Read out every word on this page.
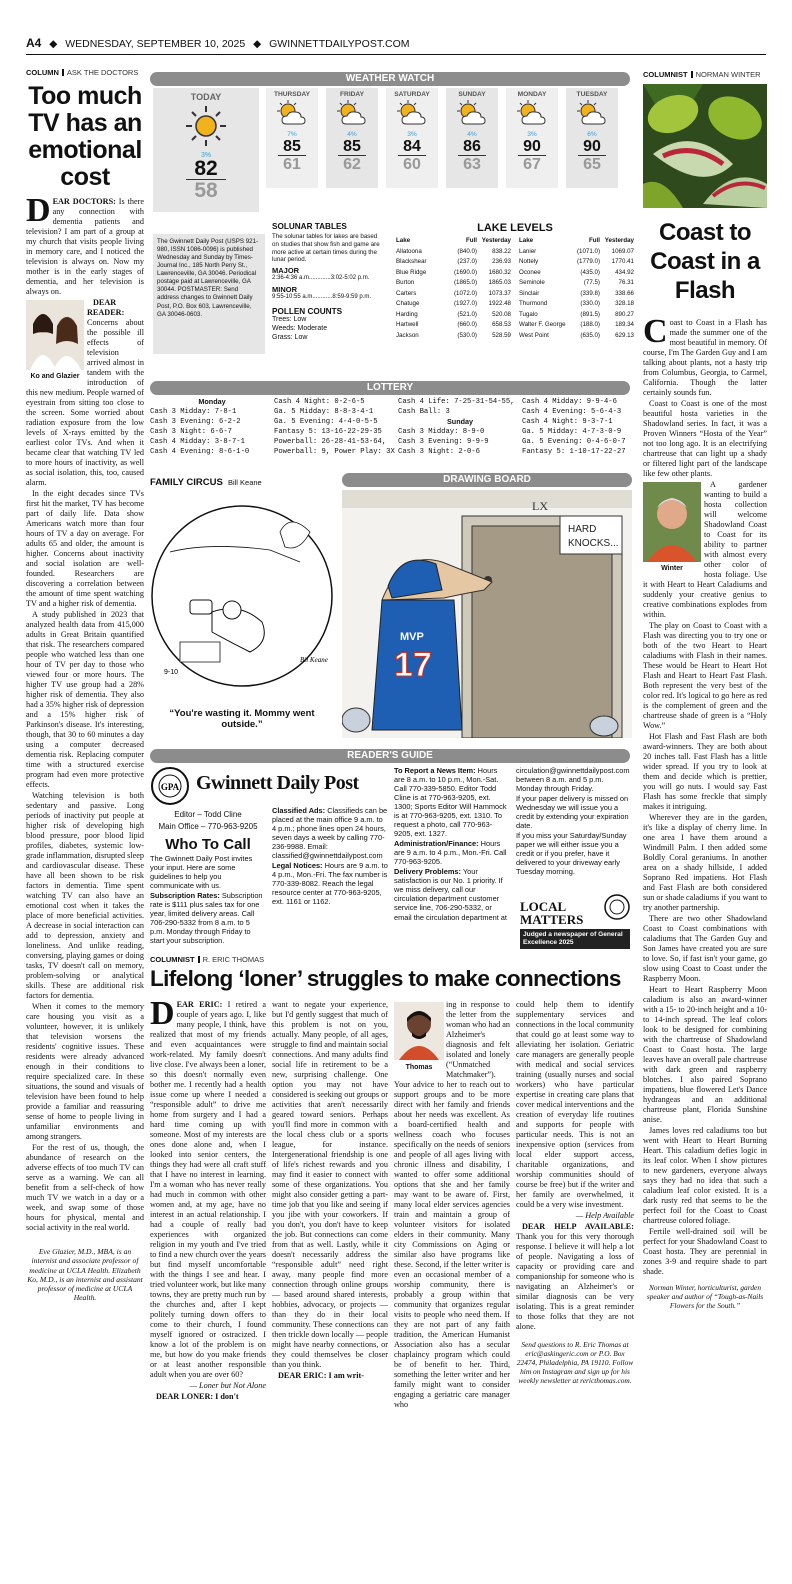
A4 ◆ WEDNESDAY, SEPTEMBER 10, 2025 ◆ GWINNETTDAILYPOST.COM
COLUMN ASK THE DOCTORS
Too much TV has an emotional cost

DEAR DOCTORS: Is there any connection with dementia patients and television? I am part of a group at my church that visits people living in memory care, and I noticed the television is always on. Now my mother is in the early stages of dementia, and her television is always on.

Ko and Glazier

DEAR READER: Concerns about the possible ill effects of television arrived almost in tandem with the introduction of this new medium. People warned of eyestrain from sitting too close to the screen. Some worried about radiation exposure from the low levels of X-rays emitted by the earliest color TVs. And when it became clear that watching TV led to more hours of inactivity, as well as social isolation, this, too, caused alarm.

In the eight decades since TVs first hit the market, TV has become part of daily life. Data show Americans watch more than four hours of TV a day on average. For adults 65 and older, the amount is higher. Concerns about inactivity and social isolation are well-founded. Researchers are discovering a correlation between the amount of time spent watching TV and a higher risk of dementia.

A study published in 2023 that analyzed health data from 415,000 adults in Great Britain quantified that risk. The researchers compared people who watched less than one hour of TV per day to those who viewed four or more hours. The higher TV use group had a 28% higher risk of dementia. They also had a 35% higher risk of depression and a 15% higher risk of Parkinson's disease. It's interesting, though, that 30 to 60 minutes a day using a computer decreased dementia risk. Replacing computer time with a structured exercise program had even more protective effects.

Watching television is both sedentary and passive. Long periods of inactivity put people at higher risk of developing high blood pressure, poor blood lipid profiles, diabetes, systemic low-grade inflammation, disrupted sleep and cardiovascular disease. These have all been shown to be risk factors in dementia. Time spent watching TV can also have an emotional cost when it takes the place of more beneficial activities. A decrease in social interaction can add to depression, anxiety and loneliness. And unlike reading, conversing, playing games or doing tasks, TV doesn't call on memory, problem-solving or analytical skills. These are additional risk factors for dementia.

When it comes to the memory care housing you visit as a volunteer, however, it is unlikely that television worsens the residents' cognitive issues. These residents were already advanced enough in their conditions to require specialized care. In these situations, the sound and visuals of television have been found to help provide a familiar and reassuring sense of home to people living in unfamiliar environments and among strangers.

For the rest of us, though, the abundance of research on the adverse effects of too much TV can serve as a warning. We can all benefit from a self-check of how much TV we watch in a day or a week, and swap some of those hours for physical, mental and social activity in the real world.

Eve Glazier, M.D., MBA, is an internist and associate professor of medicine at UCLA Health. Elizabeth Ko, M.D., is an internist and assistant professor of medicine at UCLA Health.

WEATHER WATCH
TODAY
3%
82
58
THURSDAY
7%
85
61
FRIDAY
4%
85
62
SATURDAY
3%
84
60
SUNDAY
4%
86
63
MONDAY
3%
90
67
TUESDAY
6%
90
65
The Gwinnett Daily Post (USPS 921-980, ISSN 1086-0096) is published Wednesday and Sunday by Times-Journal Inc., 185 North Perry St., Lawrenceville, GA 30046. Periodical postage paid at Lawrenceville, GA 30044. POSTMASTER: Send address changes to Gwinnett Daily Post, P.O. Box 603, Lawrenceville, GA 30046-0603.
SOLUNAR TABLES
The solunar tables for lakes are based on studies that show fish and game are more active at certain times during the lunar period.
MAJOR
2:36-4:36 a.m.............3:02-5:02 p.m.
MINOR
9:55-10:55 a.m............8:59-9:59 p.m.
POLLEN COUNTS
Trees: Low
Weeds: Moderate
Grass: Low
LAKE LEVELS
Lake	Full Yesterday
Allatoona	(840.0)	838.22
Blackshear	(237.0)	236.93
Blue Ridge	(1690.0)	1680.32
Burton	(1865.0)	1865.03
Carters	(1072.0)	1073.37
Chatuge	(1927.0)	1922.48
Harding	(521.0)	520.08
Hartwell	(660.0)	658.53
Jackson	(530.0)	528.59
Lake	Full Yesterday
Lanier	(1071.0)	1069.07
Nottely	(1779.0)	1770.41
Oconee	(435.0)	434.92
Seminole	(77.5)	76.31
Sinclair	(339.8)	338.66
Thurmond	(330.0)	328.18
Tugalo	(891.5)	890.27
Walter F. George	(188.0)	189.34
West Point	(635.0)	629.13
LOTTERY
Monday
Cash 3 Midday: 7-8-1
Cash 3 Evening: 6-2-2
Cash 3 Night: 6-6-7
Cash 4 Midday: 3-8-7-1
Cash 4 Evening: 8-6-1-0
Cash 4 Night: 0-2-6-5
Ga. 5 Midday: 8-8-3-4-1
Ga. 5 Evening: 4-4-0-5-5
Fantasy 5: 13-16-22-29-35
Powerball: 26-28-41-53-64,
Powerball: 9, Power Play: 3X
Cash 4 Life: 7-25-31-54-55,
Cash Ball: 3
Sunday
Cash 3 Midday: 8-9-0
Cash 3 Evening: 9-9-9
Cash 3 Night: 2-0-6
Cash 4 Midday: 9-9-4-6
Cash 4 Evening: 5-6-4-3
Cash 4 Night: 9-3-7-1
Ga. 5 Midday: 4-7-3-0-9
Ga. 5 Evening: 0-4-6-0-7
Fantasy 5: 1-10-17-22-27
FAMILY CIRCUS Bill Keane
9-10
Bil Keane
“You're wasting it. Mommy went outside.”
DRAWING BOARD
LX
HARD
KNOCKS...
MVP
17
READER'S GUIDE
GPA Gwinnett Daily Post
Editor – Todd Cline
Main Office – 770-963-9205
Who To Call
The Gwinnett Daily Post invites your input. Here are some guidelines to help you communicate with us.
Subscription Rates: Subscription rate is $111 plus sales tax for one year, limited delivery areas. Call 706-290-5332 from 8 a.m. to 5 p.m. Monday through Friday to start your subscription.
Classified Ads: Classifieds can be placed at the main office 9 a.m. to 4 p.m.; phone lines open 24 hours, seven days a week by calling 770-236-9988. Email: classified@gwinnettdailypost.com
Legal Notices: Hours are 9 a.m. to 4 p.m., Mon.-Fri. The fax number is 770-339-8082. Reach the legal resource center at 770-963-9205, ext. 1161 or 1162.
To Report a News Item: Hours are 8 a.m. to 10 p.m., Mon.-Sat. Call 770-339-5850. Editor Todd Cline is at 770-963-9205, ext. 1300; Sports Editor Will Hammock is at 770-963-9205, ext. 1310. To request a photo, call 770-963-9205, ext. 1327.
Administration/Finance: Hours are 9 a.m. to 4 p.m., Mon.-Fri. Call 770-963-9205.
Delivery Problems: Your satisfaction is our No. 1 priority. If we miss delivery, call our circulation department customer service line, 706-290-5332, or email the circulation department at
circulation@gwinnettdailypost.com between 8 a.m. and 5 p.m. Monday through Friday.
If your paper delivery is missed on Wednesday we will issue you a credit by extending your expiration date.
If you miss your Saturday/Sunday paper we will either issue you a credit or if you prefer, have it delivered to your driveway early Tuesday morning.
LOCAL
MATTERS
Judged a newspaper of General Excellence 2025
COLUMNIST R. ERIC THOMAS
Lifelong ‘loner’ struggles to make connections

DEAR ERIC: I retired a couple of years ago. I, like many people, I think, have realized that most of my friends and even acquaintances were work-related. My family doesn't live close. I've always been a loner, so this doesn't normally even bother me. I recently had a health issue come up where I needed a “responsible adult” to drive me home from surgery and I had a hard time coming up with someone. Most of my interests are ones done alone and, when I looked into senior centers, the things they had were all craft stuff that I have no interest in learning. I'm a woman who has never really had much in common with other women and, at my age, have no interest in an actual relationship. I had a couple of really bad experiences with organized religion in my youth and I've tried to find a new church over the years but find myself uncomfortable with the things I see and hear. I tried volunteer work, but like many towns, they are pretty much run by the churches and, after I kept politely turning down offers to come to their church, I found myself ignored or ostracized. I know a lot of the problem is on me, but how do you make friends or at least another responsible adult when you are over 60?

— Loner but Not Alone

DEAR LONER: I don't

want to negate your experience, but I'd gently suggest that much of this problem is not on you, actually. Many people, of all ages, struggle to find and maintain social connections. And many adults find social life in retirement to be a new, surprising challenge. One option you may not have considered is seeking out groups or activities that aren't necessarily geared toward seniors. Perhaps you'll find more in common with the local chess club or a sports league, for instance. Intergenerational friendship is one of life's richest rewards and you may find it easier to connect with some of these organizations. You might also consider getting a part-time job that you like and seeing if you jibe with your coworkers. If you don't, you don't have to keep the job. But connections can come from that as well. Lastly, while it doesn't necessarily address the “responsible adult” need right away, many people find more connection through online groups — based around shared interests, hobbies, advocacy, or projects — than they do in their local community. These connections can then trickle down locally — people might have nearby connections, or they could themselves be closer than you think.

DEAR ERIC: I am writ-

Thomas

ing in response to the letter from the woman who had an Alzheimer's diagnosis and felt isolated and lonely (“Unmatched Matchmaker”). Your advice to her to reach out to support groups and to be more direct with her family and friends about her needs was excellent. As a board-certified health and wellness coach who focuses specifically on the needs of seniors and people of all ages living with chronic illness and disability, I wanted to offer some additional options that she and her family may want to be aware of. First, many local elder services agencies train and maintain a group of volunteer visitors for isolated elders in their community. Many city Commissions on Aging or similar also have programs like these. Second, if the letter writer is even an occasional member of a worship community, there is probably a group within that community that organizes regular visits to people who need them. If they are not part of any faith tradition, the American Humanist Association also has a secular chaplaincy program which could be of benefit to her. Third, something the letter writer and her family might want to consider engaging a geriatric care manager who

could help them to identify supplementary services and connections in the local community that could go at least some way to alleviating her isolation. Geriatric care managers are generally people with medical and social services training (usually nurses and social workers) who have particular expertise in creating care plans that cover medical interventions and the creation of everyday life routines and supports for people with particular needs. This is not an inexpensive option (services from local elder support access, charitable organizations, and worship communities should of course be free) but if the writer and her family are overwhelmed, it could be a very wise investment.

— Help Available

DEAR HELP AVAILABLE: Thank you for this very thorough response. I believe it will help a lot of people. Navigating a loss of capacity or providing care and companionship for someone who is navigating an Alzheimer's or similar diagnosis can be very isolating. This is a great reminder to those folks that they are not alone.

Send questions to R. Eric Thomas at eric@askingeric.com or P.O. Box 22474, Philadelphia, PA 19110. Follow him on Instagram and sign up for his weekly newsletter at rericthomas.com.

COLUMNIST NORMAN WINTER
Coast to Coast in a Flash

Coast to Coast in a Flash has made the summer one of the most beautiful in memory. Of course, I'm The Garden Guy and I am talking about plants, not a hasty trip from Columbus, Georgia, to Carmel, California. Though the latter certainly sounds fun.

Coast to Coast is one of the most beautiful hosta varieties in the Shadowland series. In fact, it was a Proven Winners “Hosta of the Year” not too long ago. It is an electrifying chartreuse that can light up a shady or filtered light part of the landscape like few other plants.

Winter

A gardener wanting to build a hosta collection will welcome Shadowland Coast to Coast for its ability to partner with almost every other color of hosta foliage. Use it with Heart to Heart Caladiums and suddenly your creative genius to creative combinations explodes from within.

The play on Coast to Coast with a Flash was directing you to try one or both of the two Heart to Heart caladiums with Flash in their names. These would be Heart to Heart Hot Flash and Heart to Heart Fast Flash. Both represent the very best of the color red. It's logical to go here as red is the complement of green and the chartreuse shade of green is a “Holy Wow.”

Hot Flash and Fast Flash are both award-winners. They are both about 20 inches tall. Fast Flash has a little wider spread. If you try to look at them and decide which is prettier, you will go nuts. I would say Fast Flash has some freckle that simply makes it intriguing.

Wherever they are in the garden, it's like a display of cherry lime. In one area I have them around a Windmill Palm. I then added some Boldly Coral geraniums. In another area on a shady hillside, I added Soprano Red impatiens. Hot Flash and Fast Flash are both considered sun or shade caladiums if you want to try another partnership.

There are two other Shadowland Coast to Coast combinations with caladiums that The Garden Guy and Son James have created you are sure to love. So, if fast isn't your game, go slow using Coast to Coast under the Raspberry Moon.

Heart to Heart Raspberry Moon caladium is also an award-winner with a 15- to 20-inch height and a 10- to 14-inch spread. The leaf colors look to be designed for combining with the chartreuse of Shadowland Coast to Coast hosta. The large leaves have an overall pale chartreuse with dark green and raspberry blotches. I also paired Soprano impatiens, blue flowered Let's Dance hydrangeas and an additional chartreuse plant, Florida Sunshine anise.

James loves red caladiums too but went with Heart to Heart Burning Heart. This caladium defies logic in its leaf color. When I show pictures to new gardeners, everyone always says they had no idea that such a caladium leaf color existed. It is a dark rusty red that seems to be the perfect foil for the Coast to Coast chartreuse colored foliage.

Fertile well-drained soil will be perfect for your Shadowland Coast to Coast hosta. They are perennial in zones 3-9 and require shade to part shade.

Norman Winter, horticulturist, garden speaker and author of “Tough-as-Nails Flowers for the South.”
